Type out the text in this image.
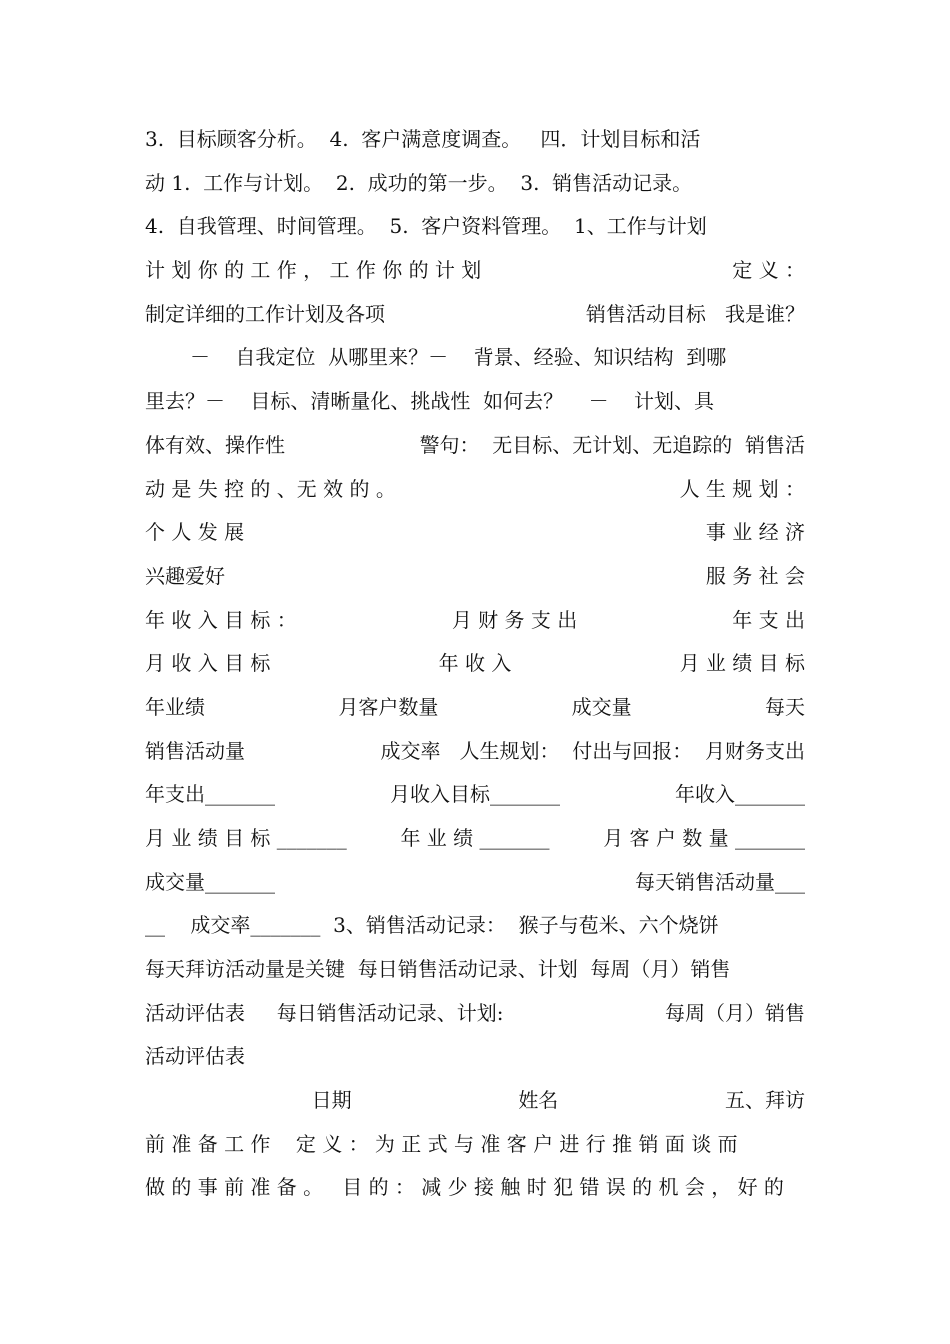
3.  目标顾客分析。  4.  客户满意度调查。   四．计划目标和活
动 1.  工作与计划。  2.  成功的第一步。  3.  销售活动记录。
4.  自我管理、时间管理。  5.  客户资料管理。  1、工作与计划
计 划 你 的 工 作 ， 工 作 你 的 计 划	定 义 ：
制定详细的工作计划及各项	销售活动目标   我是谁？
－    自我定位  从哪里来？－    背景、经验、知识结构  到哪
里去？－    目标、清晰量化、挑战性  如何去？    －    计划、具
体有效、操作性	警句：  无目标、无计划、无追踪的  销售活
动 是 失 控 的 、无 效 的 。	人 生 规 划 ：
个 人 发 展	事 业 经 济
兴趣爱好	服 务 社 会
年 收 入 目 标 ：	月 财 务 支 出	年 支 出
月 收 入 目 标	年 收 入	月 业 绩 目 标
年业绩	月客户数量	成交量	每天
销售活动量	成交率   人生规划：  付出与回报：  月财务支出
年支出_______	月收入目标_______	年收入_______
月 业 绩 目 标 _______	年 业 绩 _______	月 客 户 数 量 _______
成交量_______	每天销售活动量___
__    成交率_______  3、销售活动记录：  猴子与苞米、六个烧饼
每天拜访活动量是关键  每日销售活动记录、计划  每周（月）销售
活动评估表     每日销售活动记录、计划:	每周（月）销售
活动评估表
日期	姓名	五、拜访
前 准 备 工 作    定 义 ： 为 正 式 与 准 客 户 进 行 推 销 面 谈 而
做 的 事 前 准 备 。   目 的 ： 减 少 接 触 时 犯 错 误 的 机 会 ， 好 的
